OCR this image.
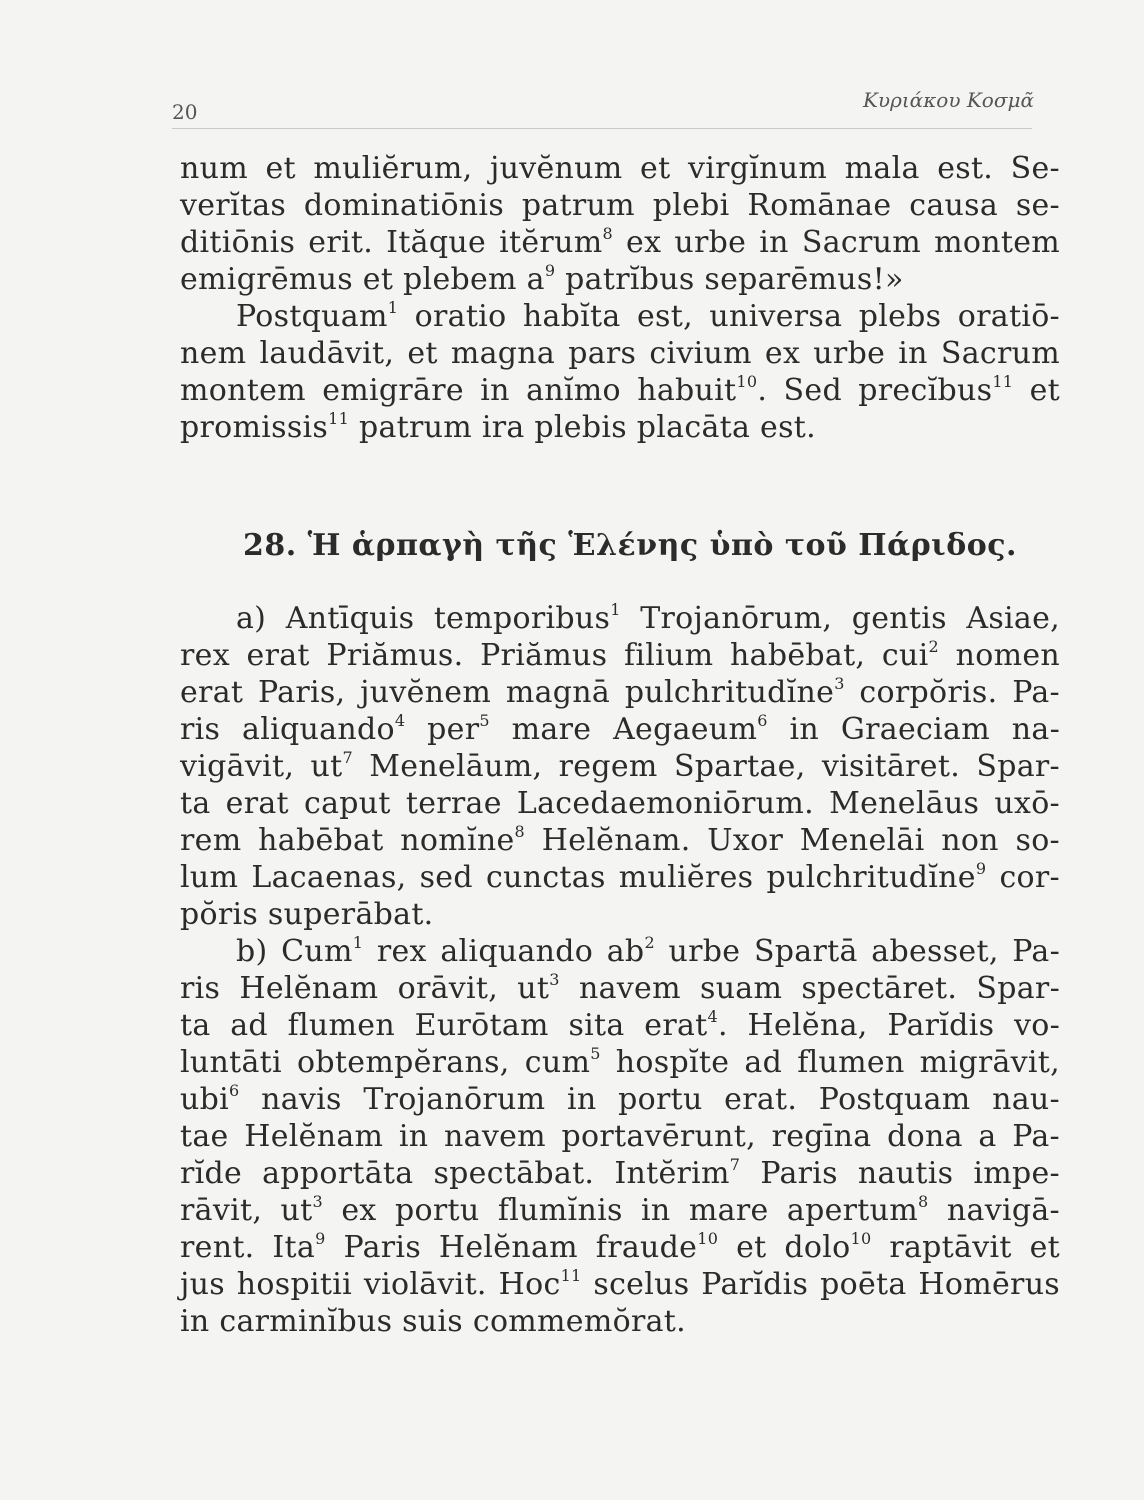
20	Κυριάκου Κοσμᾶ
num et muliĕrum, juvĕnum et virgĭnum mala est. Se-
verĭtas dominatiōnis patrum plebi Romānae causa se-
ditiōnis erit. Ităque itĕrum$^8$ ex urbe in Sacrum montem
emigrēmus et plebem $a^9$ patrĭbus separēmus!»
Postquam$^1$ oratio habĭta est, universa plebs oratiō-
nem laudāvit, et magna pars civium ex urbe in Sacrum
montem emigrāre in anĭmo habuit$^{10}$. Sed precĭbus$^{11}$ et
promissis$^{11}$ patrum ira plebis placāta est.
28. Ἡ ἁρπαγὴ τῆς Ἑλένης ὑπὸ τοῦ Πάριδος.
a) Antīquis tempori̇bus$^1$ Trojanōrum, gentis Asiae,
rex erat Priămus. Priămus filium habēbat, cui$^2$ nomen
erat Paris, juvĕnem magnā pulchritudĭne$^3$ corpŏris. Pa-
ris aliquando$^4$ per$^5$ mare Aegaeum$^6$ in Graeciam na-
vigāvit, $ut^7$ Menelāum, regem Spartae, visitāret. Spar-
ta erat caput terrae Lacedaemoniōrum. Menelāus uxō-
rem habēbat nomĭne$^8$ Helĕnam. Uxor Menelāi non so-
lum Lacaenas, sed cunctas muliĕres pulchritudĭne$^9$ cor-
pŏris superābat.
b) Cum$^1$ rex aliquando $ab^2$ urbe Spartā abesset, Pa-
ris Helĕnam orāvit, $ut^3$ navem suam spectāret. Spar-
ta ad flumen Eurōtam sita erat$^4$. Helĕna, Parĭdis vo-
luntāti obtempĕrans, cum$^5$ hospĭte ad flumen migrāvit,
ubi$^6$ navis Trojanōrum in portu erat. Postquam nau-
tae Helĕnam in navem portavērunt, regīna dona a Pa-
rĭde apportāta spectābat. Intĕrim$^7$ Paris nautis impe-
rāvit, $ut^3$ ex portu flumĭnis in mare apertum$^8$ navigā-
rent. Ita$^9$ Paris Helĕnam fraude$^{10}$ et dolo$^{10}$ raptāvit et
jus hospitii violāvit. Hoc$^{11}$ scelus Parĭdis poēta Homērus
in carminĭbus suis commemŏrat.
